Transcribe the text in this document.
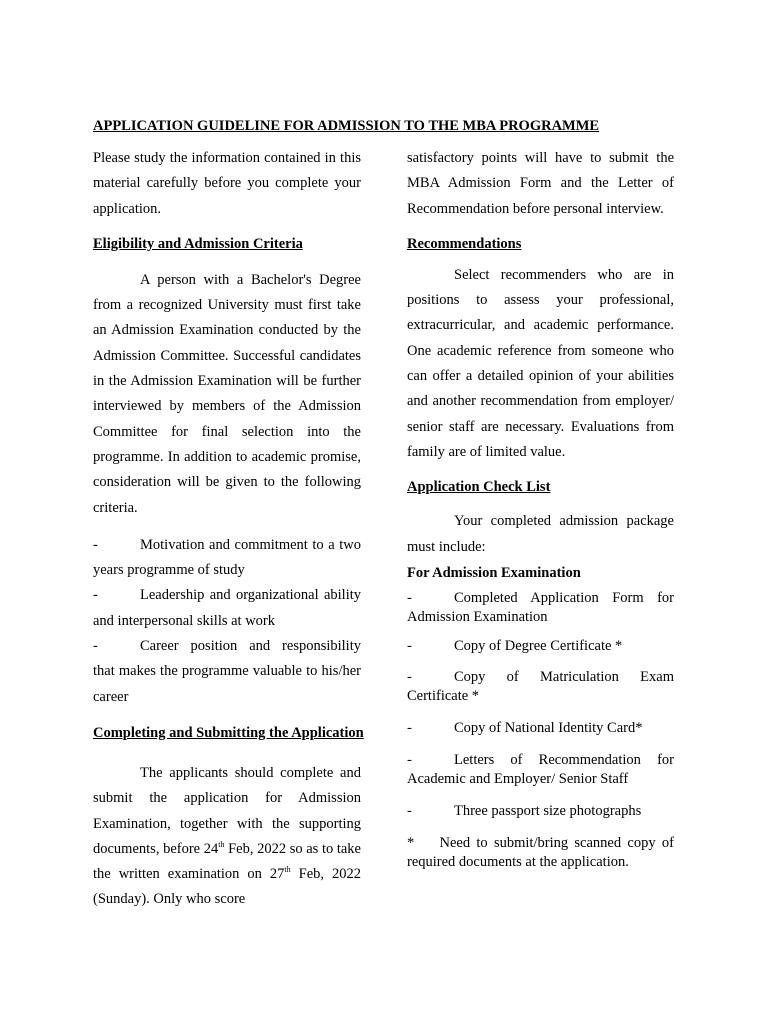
APPLICATION GUIDELINE FOR ADMISSION TO THE MBA PROGRAMME

Please study the information contained in this material carefully before you complete your application.

Eligibility and Admission Criteria

A person with a Bachelor's Degree from a recognized University must first take an Admission Examination conducted by the Admission Committee. Successful candidates in the Admission Examination will be further interviewed by members of the Admission Committee for final selection into the programme. In addition to academic promise, consideration will be given to the following criteria.

-	Motivation and commitment to a two years programme of study

-	Leadership and organizational ability and interpersonal skills at work

-	Career position and responsibility that makes the programme valuable to his/her career

Completing and Submitting the Application

The applicants should complete and submit the application for Admission Examination, together with the supporting documents, before 24th Feb, 2022 so as to take the written examination on 27th Feb, 2022 (Sunday). Only who score

satisfactory points will have to submit the MBA Admission Form and the Letter of Recommendation before personal interview.

Recommendations

Select recommenders who are in positions to assess your professional, extracurricular, and academic performance. One academic reference from someone who can offer a detailed opinion of your abilities and another recommendation from employer/ senior staff are necessary. Evaluations from family are of limited value.

Application Check List

Your completed admission package must include:

For Admission Examination

-	Completed Application Form for Admission Examination

-	Copy of Degree Certificate *

-	Copy of Matriculation Exam Certificate *

-	Copy of National Identity Card*

-	Letters of Recommendation for Academic and Employer/ Senior Staff

-	Three passport size photographs

*    Need to submit/bring scanned copy of required documents at the application.
